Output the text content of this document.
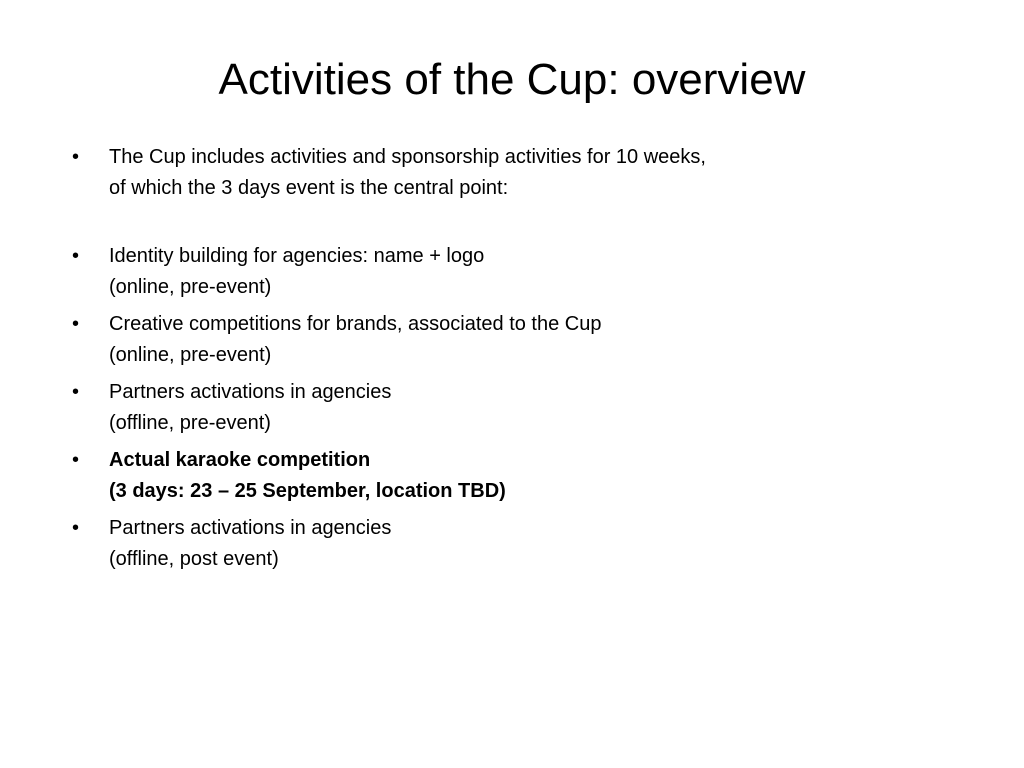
Activities of the Cup: overview
•	The Cup includes activities and sponsorship activities for 10 weeks,
of which the 3 days event is the central point:
•	Identity building for agencies: name + logo
(online, pre-event)
•	Creative competitions for brands, associated to the Cup
(online, pre-event)
•	Partners activations in agencies
(offline, pre-event)
•	Actual karaoke competition
(3 days: 23 – 25 September, location TBD)
•	Partners activations in agencies
(offline, post event)
